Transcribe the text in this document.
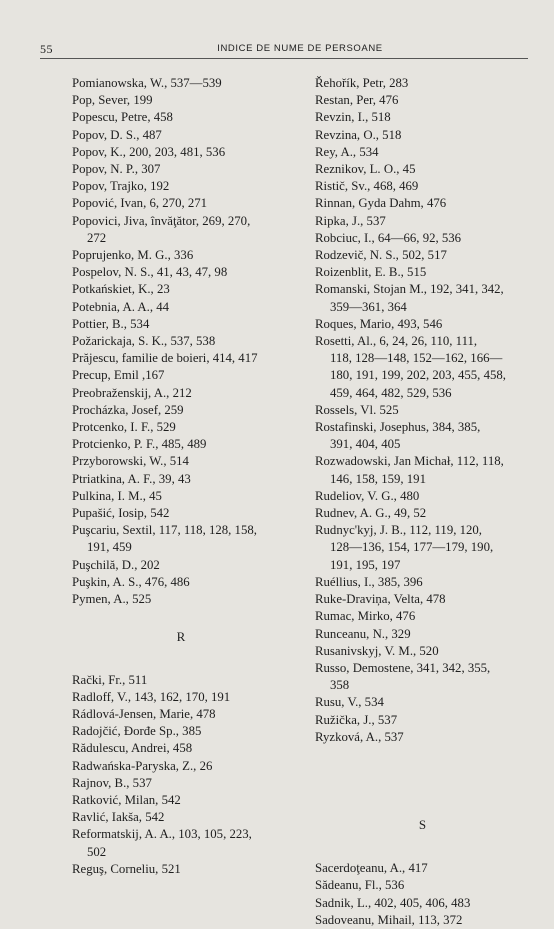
55	INDICE DE NUME DE PERSOANE
Pomianowska, W., 537—539
Pop, Sever, 199
Popescu, Petre, 458
Popov, D. S., 487
Popov, K., 200, 203, 481, 536
Popov, N. P., 307
Popov, Trajko, 192
Popović, Ivan, 6, 270, 271
Popovici, Jiva, învăţător, 269, 270,
272
Poprujenko, M. G., 336
Pospelov, N. S., 41, 43, 47, 98
Potkańskiet, K., 23
Potebnia, A. A., 44
Pottier, B., 534
Požarickaja, S. K., 537, 538
Prăjescu, familie de boieri, 414, 417
Precup, Emil ,167
Preobraženskij, A., 212
Procházka, Josef, 259
Protcenko, I. F., 529
Protcienko, P. F., 485, 489
Przyborowski, W., 514
Ptriatkina, A. F., 39, 43
Pulkina, I. M., 45
Pupašić, Iosip, 542
Puşcariu, Sextil, 117, 118, 128, 158,
191, 459
Puşchilă, D., 202
Puşkin, A. S., 476, 486
Pymen, A., 525
R
Rački, Fr., 511
Radloff, V., 143, 162, 170, 191
Rádlová-Jensen, Marie, 478
Radojčić, Đorđe Sp., 385
Rădulescu, Andrei, 458
Radwańska-Paryska, Z., 26
Rajnov, B., 537
Ratković, Milan, 542
Ravlić, Iakša, 542
Reformatskij, A. A., 103, 105, 223,
502
Reguş, Corneliu, 521
Řehořík, Petr, 283
Restan, Per, 476
Revzin, I., 518
Revzina, O., 518
Rey, A., 534
Reznikov, L. O., 45
Ristič, Sv., 468, 469
Rinnan, Gyda Dahm, 476
Ripka, J., 537
Robciuc, I., 64—66, 92, 536
Rodzevič, N. S., 502, 517
Roizenblit, E. B., 515
Romanski, Stojan M., 192, 341, 342,
359—361, 364
Roques, Mario, 493, 546
Rosetti, Al., 6, 24, 26, 110, 111,
118, 128—148, 152—162, 166—
180, 191, 199, 202, 203, 455, 458,
459, 464, 482, 529, 536
Rossels, Vl. 525
Rostafinski, Josephus, 384, 385,
391, 404, 405
Rozwadowski, Jan Michał, 112, 118,
146, 158, 159, 191
Rudeliov, V. G., 480
Rudnev, A. G., 49, 52
Rudnyc'kyj, J. B., 112, 119, 120,
128—136, 154, 177—179, 190,
191, 195, 197
Ruéllius, I., 385, 396
Ruke-Draviņa, Velta, 478
Rumac, Mirko, 476
Runceanu, N., 329
Rusanivskyj, V. M., 520
Russo, Demostene, 341, 342, 355,
358
Rusu, V., 534
Ružička, J., 537
Ryzková, A., 537
S
Sacerdoţeanu, A., 417
Sădeanu, Fl., 536
Sadnik, L., 402, 405, 406, 483
Sadoveanu, Mihail, 113, 372
